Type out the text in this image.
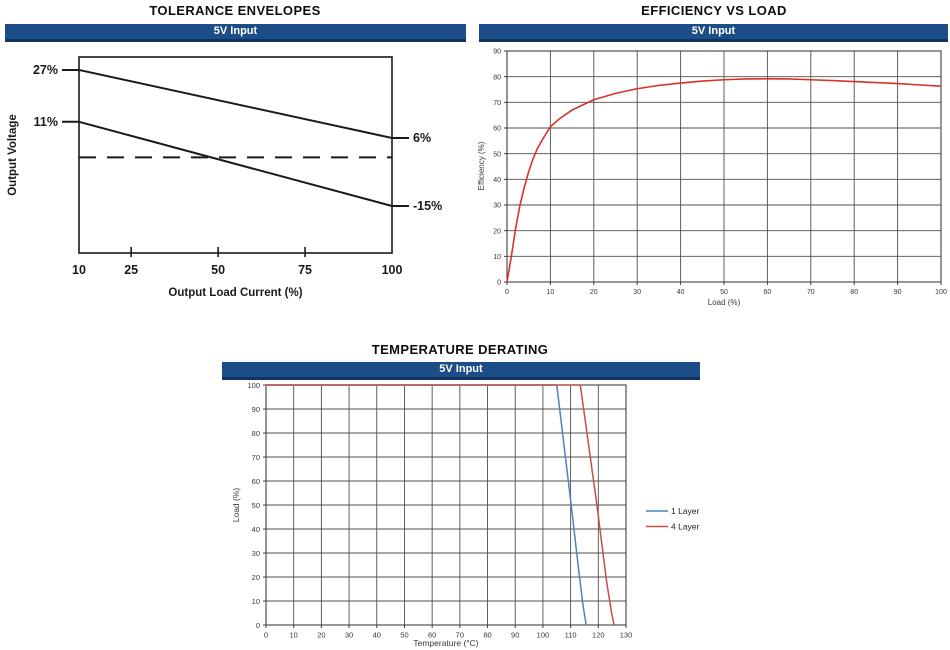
TOLERANCE ENVELOPES
5V Input
27%
6%
11%
-15%
10	25	50	75	100
Output Load Current (%)
Output Voltage
EFFICIENCY VS LOAD
5V Input
0	10	20	30	40	50	60	70	80	90	100
0
10
20
30
40
50
60
70
80
90
Load (%)
Efficiency (%)
TEMPERATURE DERATING
5V Input
0	10	20	30	40	50	60	70	80	90 100 110 120 130
0
10
20
30
40
50
60
70
80
90
100
Temperature (°C)
Load (%)	1 Layer
4 Layer
